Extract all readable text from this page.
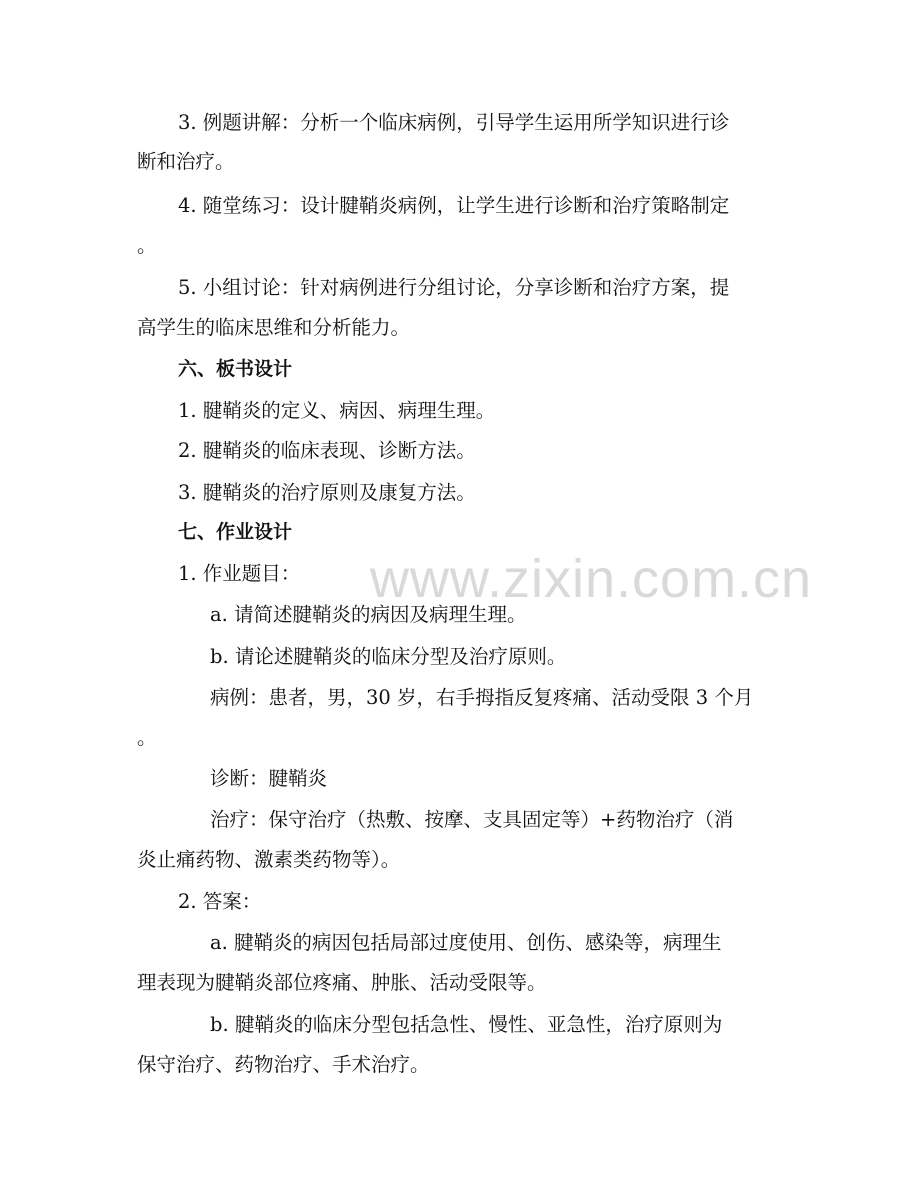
3. 例题讲解：分析一个临床病例，引导学生运用所学知识进行诊
断和治疗。
4. 随堂练习：设计腱鞘炎病例，让学生进行诊断和治疗策略制定
。
5. 小组讨论：针对病例进行分组讨论，分享诊断和治疗方案，提
高学生的临床思维和分析能力。
六、板书设计
1. 腱鞘炎的定义、病因、病理生理。
2. 腱鞘炎的临床表现、诊断方法。
3. 腱鞘炎的治疗原则及康复方法。
七、作业设计
1. 作业题目：
a. 请简述腱鞘炎的病因及病理生理。
b. 请论述腱鞘炎的临床分型及治疗原则。
病例：患者，男，30 岁，右手拇指反复疼痛、活动受限 3 个月
。
诊断：腱鞘炎
治疗：保守治疗（热敷、按摩、支具固定等）+药物治疗（消
炎止痛药物、激素类药物等）。
2. 答案：
a. 腱鞘炎的病因包括局部过度使用、创伤、感染等，病理生
理表现为腱鞘炎部位疼痛、肿胀、活动受限等。
b. 腱鞘炎的临床分型包括急性、慢性、亚急性，治疗原则为
保守治疗、药物治疗、手术治疗。
www.zixin.com.cn
